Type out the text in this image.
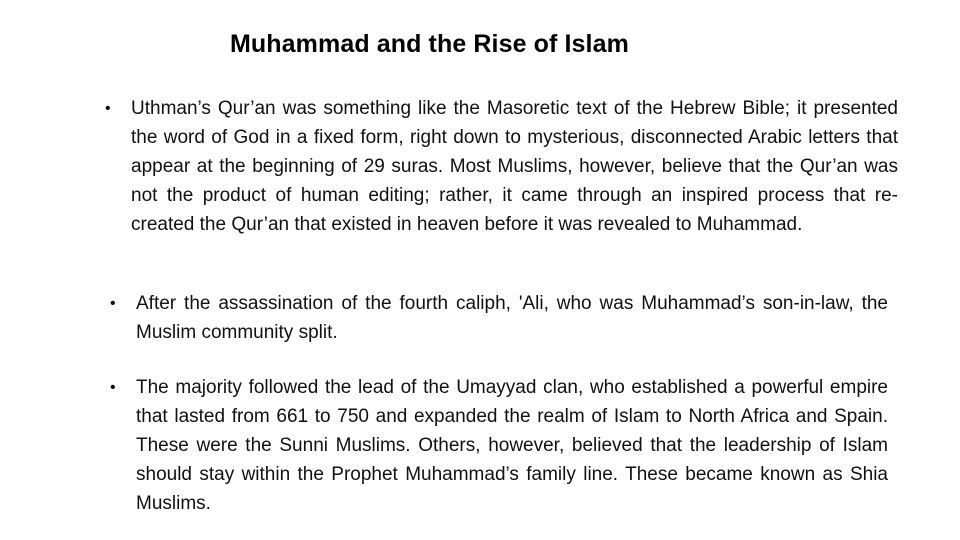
Muhammad and the Rise of Islam
• Uthman’s Qur’an was something like the Masoretic text of the Hebrew Bible; it presented the word of God in a fixed form, right down to mysterious, disconnected Arabic letters that appear at the beginning of 29 suras. Most Muslims, however, believe that the Qur’an was not the product of human editing; rather, it came through an inspired process that re-created the Qur’an that existed in heaven before it was revealed to Muhammad.
• After the assassination of the fourth caliph, 'Ali, who was Muhammad’s son-in-law, the Muslim community split.
• The majority followed the lead of the Umayyad clan, who established a powerful empire that lasted from 661 to 750 and expanded the realm of Islam to North Africa and Spain. These were the Sunni Muslims. Others, however, believed that the leadership of Islam should stay within the Prophet Muhammad’s family line. These became known as Shia Muslims.
